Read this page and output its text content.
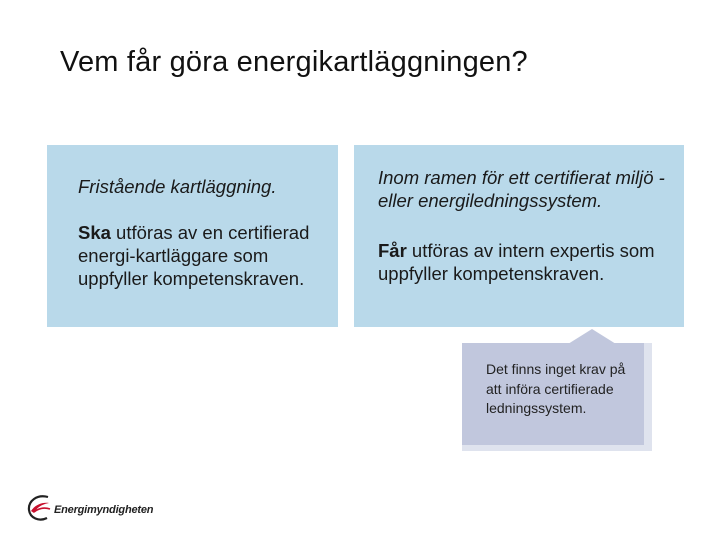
Vem får göra energikartläggningen?

Fristående kartläggning.

Ska utföras av en certifierad energi-kartläggare som uppfyller kompetenskraven.

Inom ramen för ett certifierat miljö - eller energiledningssystem.

Får utföras av intern expertis som uppfyller kompetenskraven.

Det finns inget krav på att införa certifierade ledningssystem.
Energimyndigheten
